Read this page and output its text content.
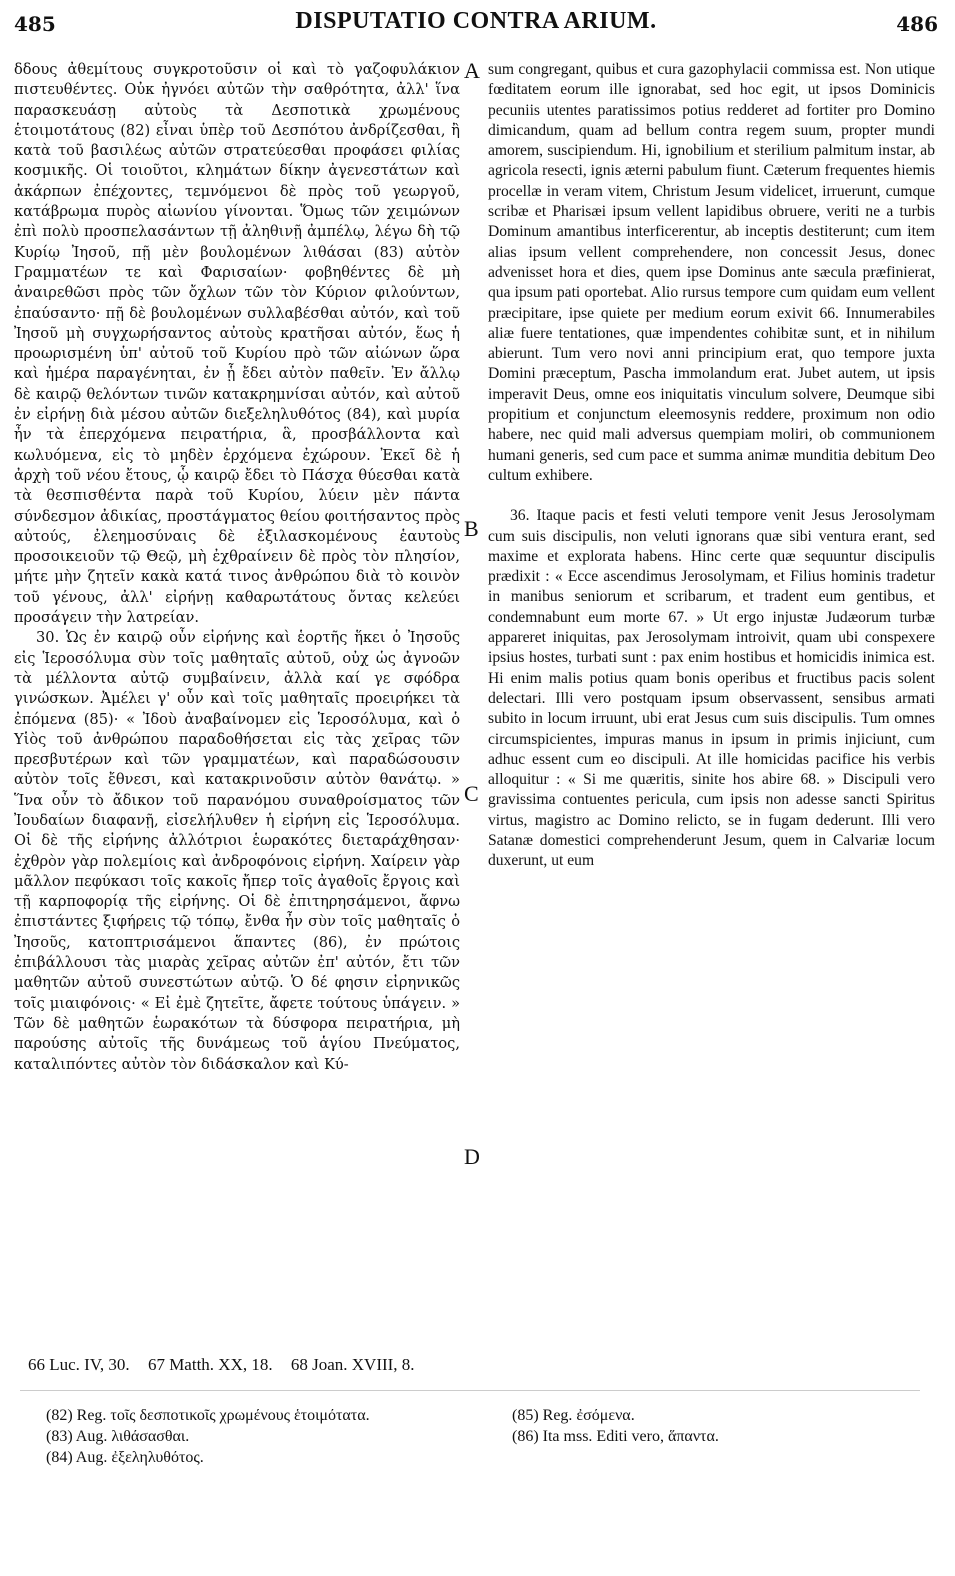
485	DISPUTATIO CONTRA ARIUM.	486

δδους ἀθεμίτους συγκροτοῦσιν οἱ καὶ τὸ γαζοφυλάκιον πιστευθέντες. Οὐκ ἠγνόει αὐτῶν τὴν σαθρότητα, ἀλλ' ἵνα παρασκευάσῃ αὐτοὺς τὰ Δεσποτικὰ χρωμένους ἑτοιμοτάτους (82) εἶναι ὑπὲρ τοῦ Δεσπότου ἀνδρίζεσθαι, ἢ κατὰ τοῦ βασιλέως αὐτῶν στρατεύεσθαι προφάσει φιλίας κοσμικῆς. Οἱ τοιοῦτοι, κλημάτων δίκην ἀγενεστάτων καὶ ἀκάρπων ἐπέχοντες, τεμνόμενοι δὲ πρὸς τοῦ γεωργοῦ, κατάβρωμα πυρὸς αἰωνίου γίνονται. Ὅμως τῶν χειμώνων ἐπὶ πολὺ προσπελασάντων τῇ ἀληθινῇ ἀμπέλῳ, λέγω δὴ τῷ Κυρίῳ Ἰησοῦ, πῇ μὲν βουλομένων λιθάσαι (83) αὐτὸν Γραμματέων τε καὶ Φαρισαίων· φοβηθέντες δὲ μὴ ἀναιρεθῶσι πρὸς τῶν ὄχλων τῶν τὸν Κύριον φιλούντων, ἐπαύσαντο· πῇ δὲ βουλομένων συλλαβέσθαι αὐτόν, καὶ τοῦ Ἰησοῦ μὴ συγχωρήσαντος αὐτοὺς κρατῆσαι αὐτόν, ἕως ἡ προωρισμένη ὑπ' αὐτοῦ τοῦ Κυρίου πρὸ τῶν αἰώνων ὥρα καὶ ἡμέρα παραγένηται, ἐν ᾗ ἔδει αὐτὸν παθεῖν. Ἐν ἄλλῳ δὲ καιρῷ θελόντων τινῶν κατακρημνίσαι αὐτόν, καὶ αὐτοῦ ἐν εἰρήνῃ διὰ μέσου αὐτῶν διεξεληλυθότος (84), καὶ μυρία ἦν τὰ ἐπερχόμενα πειρατήρια, ἃ, προσβάλλοντα καὶ κωλυόμενα, εἰς τὸ μηδὲν ἐρχόμενα ἐχώρουν. Ἐκεῖ δὲ ἡ ἀρχὴ τοῦ νέου ἔτους, ᾧ καιρῷ ἔδει τὸ Πάσχα θύεσθαι κατὰ τὰ θεσπισθέντα παρὰ τοῦ Κυρίου, λύειν μὲν πάντα σύνδεσμον ἀδικίας, προστάγματος θείου φοιτήσαντος πρὸς αὐτούς, ἐλεημοσύναις δὲ ἐξιλασκομένους ἑαυτοὺς προσοικειοῦν τῷ Θεῷ, μὴ ἐχθραίνειν δὲ πρὸς τὸν πλησίον, μήτε μὴν ζητεῖν κακὰ κατά τινος ἀνθρώπου διὰ τὸ κοινὸν τοῦ γένους, ἀλλ' εἰρήνῃ καθαρωτάτους ὄντας κελεύει προσάγειν τὴν λατρείαν.

30. Ὡς ἐν καιρῷ οὖν εἰρήνης καὶ ἑορτῆς ἥκει ὁ Ἰησοῦς εἰς Ἱεροσόλυμα σὺν τοῖς μαθηταῖς αὐτοῦ, οὐχ ὡς ἀγνοῶν τὰ μέλλοντα αὐτῷ συμβαίνειν, ἀλλὰ καί γε σφόδρα γινώσκων. Ἀμέλει γ' οὖν καὶ τοῖς μαθηταῖς προειρήκει τὰ ἐπόμενα (85)· « Ἰδοὺ ἀναβαίνομεν εἰς Ἱεροσόλυμα, καὶ ὁ Υἱὸς τοῦ ἀνθρώπου παραδοθήσεται εἰς τὰς χεῖρας τῶν πρεσβυτέρων καὶ τῶν γραμματέων, καὶ παραδώσουσιν αὐτὸν τοῖς ἔθνεσι, καὶ κατακρινοῦσιν αὐτὸν θανάτῳ. » Ἵνα οὖν τὸ ἄδικον τοῦ παρανόμου συναθροίσματος τῶν Ἰουδαίων διαφανῇ, εἰσελήλυθεν ἡ εἰρήνη εἰς Ἱεροσόλυμα. Οἱ δὲ τῆς εἰρήνης ἀλλότριοι ἑωρακότες διεταράχθησαν· ἐχθρὸν γὰρ πολεμίοις καὶ ἀνδροφόνοις εἰρήνη. Χαίρειν γὰρ μᾶλλον πεφύκασι τοῖς κακοῖς ἤπερ τοῖς ἀγαθοῖς ἔργοις καὶ τῇ καρποφορίᾳ τῆς εἰρήνης. Οἱ δὲ ἐπιτηρησάμενοι, ἄφνω ἐπιστάντες ξιφήρεις τῷ τόπῳ, ἔνθα ἦν σὺν τοῖς μαθηταῖς ὁ Ἰησοῦς, κατοπτρισάμενοι ἅπαντες (86), ἐν πρώτοις ἐπιβάλλουσι τὰς μιαρὰς χεῖρας αὐτῶν ἐπ' αὐτόν, ἔτι τῶν μαθητῶν αὐτοῦ συνεστώτων αὐτῷ. Ὁ δέ φησιν εἰρηνικῶς τοῖς μιαιφόνοις· « Εἰ ἐμὲ ζητεῖτε, ἄφετε τούτους ὑπάγειν. » Τῶν δὲ μαθητῶν ἑωρακότων τὰ δύσφορα πειρατήρια, μὴ παρούσης αὐτοῖς τῆς δυνάμεως τοῦ ἁγίου Πνεύματος, καταλιπόντες αὐτὸν τὸν διδάσκαλον καὶ Κύ-

A
B
C
D

sum congregant, quibus et cura gazophylacii commissa est. Non utique fœditatem eorum ille ignorabat, sed hoc egit, ut ipsos Dominicis pecuniis utentes paratissimos potius redderet ad fortiter pro Domino dimicandum, quam ad bellum contra regem suum, propter mundi amorem, suscipiendum. Hi, ignobilium et sterilium palmitum instar, ab agricola resecti, ignis æterni pabulum fiunt. Cæterum frequentes hiemis procellæ in veram vitem, Christum Jesum videlicet, irruerunt, cumque scribæ et Pharisæi ipsum vellent lapidibus obruere, veriti ne a turbis Dominum amantibus interficerentur, ab inceptis destiterunt; cum item alias ipsum vellent comprehendere, non concessit Jesus, donec advenisset hora et dies, quem ipse Dominus ante sæcula præfinierat, qua ipsum pati oportebat. Alio rursus tempore cum quidam eum vellent præcipitare, ipse quiete per medium eorum exivit 66. Innumerabiles aliæ fuere tentationes, quæ impendentes cohibitæ sunt, et in nihilum abierunt. Tum vero novi anni principium erat, quo tempore juxta Domini præceptum, Pascha immolandum erat. Jubet autem, ut ipsis imperavit Deus, omne eos iniquitatis vinculum solvere, Deumque sibi propitium et conjunctum eleemosynis reddere, proximum non odio habere, nec quid mali adversus quempiam moliri, ob communionem humani generis, sed cum pace et summa animæ munditia debitum Deo cultum exhibere.

36. Itaque pacis et festi veluti tempore venit Jesus Jerosolymam cum suis discipulis, non veluti ignorans quæ sibi ventura erant, sed maxime et explorata habens. Hinc certe quæ sequuntur discipulis prædixit : « Ecce ascendimus Jerosolymam, et Filius hominis tradetur in manibus seniorum et scribarum, et tradent eum gentibus, et condemnabunt eum morte 67. » Ut ergo injustæ Judæorum turbæ appareret iniquitas, pax Jerosolymam introivit, quam ubi conspexere ipsius hostes, turbati sunt : pax enim hostibus et homicidis inimica est. Hi enim malis potius quam bonis operibus et fructibus pacis solent delectari. Illi vero postquam ipsum observassent, sensibus armati subito in locum irruunt, ubi erat Jesus cum suis discipulis. Tum omnes circumspicientes, impuras manus in ipsum in primis injiciunt, cum adhuc essent cum eo discipuli. At ille homicidas pacifice his verbis alloquitur : « Si me quæritis, sinite hos abire 68. » Discipuli vero gravissima contuentes pericula, cum ipsis non adesse sancti Spiritus virtus, magistro ac Domino relicto, se in fugam dederunt. Illi vero Satanæ domestici comprehenderunt Jesum, quem in Calvariæ locum duxerunt, ut eum

66 Luc. IV, 30. 67 Matth. XX, 18. 68 Joan. XVIII, 8.
(82) Reg. τοῖς δεσποτικοῖς χρωμένους ἑτοιμότατα.
(83) Aug. λιθάσασθαι.
(84) Aug. ἐξεληλυθότος.
(85) Reg. ἐσόμενα.
(86) Ita mss. Editi vero, ἅπαντα.
